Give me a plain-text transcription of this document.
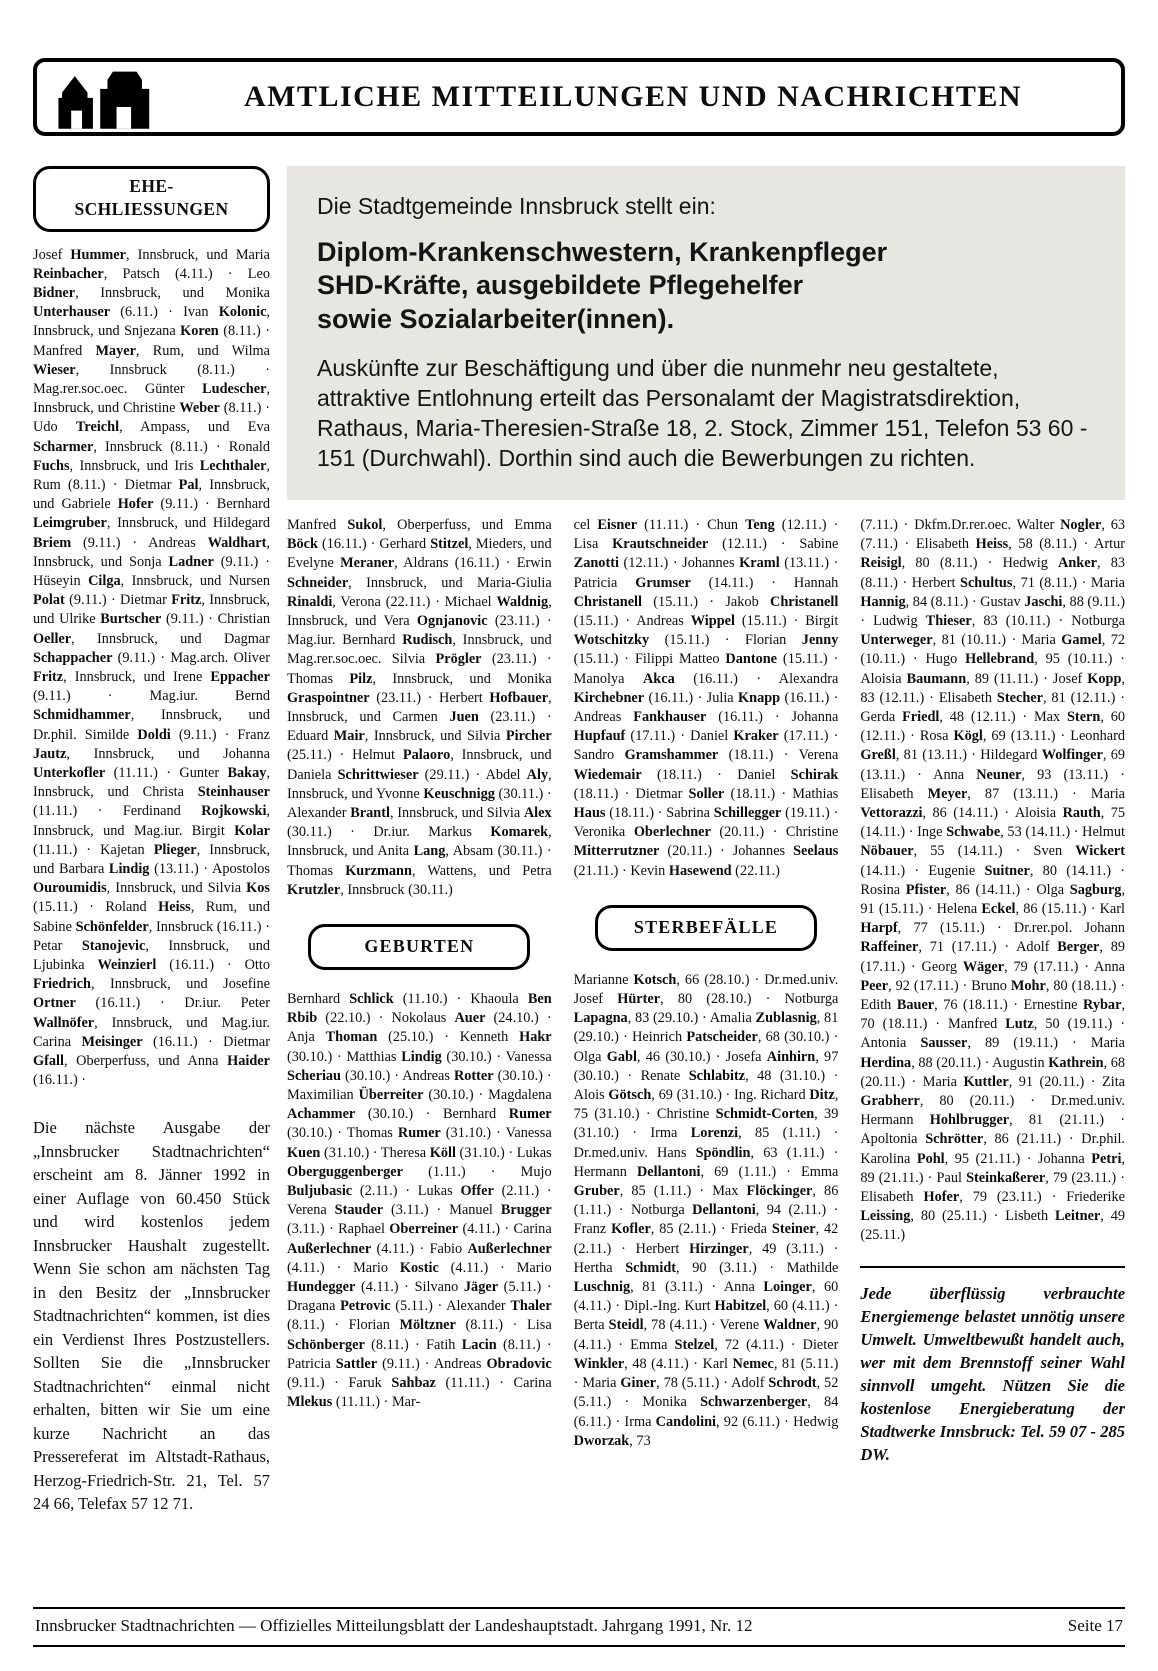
AMTLICHE MITTEILUNGEN UND NACHRICHTEN
EHE-
SCHLIESSUNGEN

Josef Hummer, Innsbruck, und Maria Reinbacher, Patsch (4.11.) · Leo Bidner, Innsbruck, und Monika Unterhauser (6.11.) · Ivan Kolonic, Innsbruck, und Snjezana Koren (8.11.) · Manfred Mayer, Rum, und Wilma Wieser, Innsbruck (8.11.) · Mag.rer.soc.oec. Günter Ludescher, Innsbruck, und Christine Weber (8.11.) · Udo Treichl, Ampass, und Eva Scharmer, Innsbruck (8.11.) · Ronald Fuchs, Innsbruck, und Iris Lechthaler, Rum (8.11.) · Dietmar Pal, Innsbruck, und Gabriele Hofer (9.11.) · Bernhard Leimgruber, Innsbruck, und Hildegard Briem (9.11.) · Andreas Waldhart, Innsbruck, und Sonja Ladner (9.11.) · Hüseyin Cilga, Innsbruck, und Nursen Polat (9.11.) · Dietmar Fritz, Innsbruck, und Ulrike Burtscher (9.11.) · Christian Oeller, Innsbruck, und Dagmar Schappacher (9.11.) · Mag.arch. Oliver Fritz, Innsbruck, und Irene Eppacher (9.11.) · Mag.iur. Bernd Schmidhammer, Innsbruck, und Dr.phil. Similde Doldi (9.11.) · Franz Jautz, Innsbruck, und Johanna Unterkofler (11.11.) · Gunter Bakay, Innsbruck, und Christa Steinhauser (11.11.) · Ferdinand Rojkowski, Innsbruck, und Mag.iur. Birgit Kolar (11.11.) · Kajetan Plieger, Innsbruck, und Barbara Lindig (13.11.) · Apostolos Ouroumidis, Innsbruck, und Silvia Kos (15.11.) · Roland Heiss, Rum, und Sabine Schönfelder, Innsbruck (16.11.) · Petar Stanojevic, Innsbruck, und Ljubinka Weinzierl (16.11.) · Otto Friedrich, Innsbruck, und Josefine Ortner (16.11.) · Dr.iur. Peter Wallnöfer, Innsbruck, und Mag.iur. Carina Meisinger (16.11.) · Dietmar Gfall, Oberperfuss, und Anna Haider (16.11.) ·

Die nächste Ausgabe der „Innsbrucker Stadtnachrichten“ erscheint am 8. Jänner 1992 in einer Auflage von 60.450 Stück und wird kostenlos jedem Innsbrucker Haushalt zugestellt. Wenn Sie schon am nächsten Tag in den Besitz der „Innsbrucker Stadtnachrichten“ kommen, ist dies ein Verdienst Ihres Postzustellers. Sollten Sie die „Innsbrucker Stadtnachrichten“ einmal nicht erhalten, bitten wir Sie um eine kurze Nachricht an das Pressereferat im Altstadt-Rathaus, Herzog-Friedrich-Str. 21, Tel. 57 24 66, Telefax 57 12 71.

Die Stadtgemeinde Innsbruck stellt ein:

Diplom-Krankenschwestern, Krankenpfleger
SHD-Kräfte, ausgebildete Pflegehelfer
sowie Sozialarbeiter(innen).

Auskünfte zur Beschäftigung und über die nunmehr neu gestaltete, attraktive Entlohnung erteilt das Personalamt der Magistratsdirektion, Rathaus, Maria-Theresien-Straße 18, 2. Stock, Zimmer 151, Telefon 53 60 - 151 (Durchwahl). Dorthin sind auch die Bewerbungen zu richten.

Manfred Sukol, Oberperfuss, und Emma Böck (16.11.) · Gerhard Stitzel, Mieders, und Evelyne Meraner, Aldrans (16.11.) · Erwin Schneider, Innsbruck, und Maria-Giulia Rinaldi, Verona (22.11.) · Michael Waldnig, Innsbruck, und Vera Ognjanovic (23.11.) · Mag.iur. Bernhard Rudisch, Innsbruck, und Mag.rer.soc.oec. Silvia Prögler (23.11.) · Thomas Pilz, Innsbruck, und Monika Graspointner (23.11.) · Herbert Hofbauer, Innsbruck, und Carmen Juen (23.11.) · Eduard Mair, Innsbruck, und Silvia Pircher (25.11.) · Helmut Palaoro, Innsbruck, und Daniela Schrittwieser (29.11.) · Abdel Aly, Innsbruck, und Yvonne Keuschnigg (30.11.) · Alexander Brantl, Innsbruck, und Silvia Alex (30.11.) · Dr.iur. Markus Komarek, Innsbruck, und Anita Lang, Absam (30.11.) · Thomas Kurzmann, Wattens, und Petra Krutzler, Innsbruck (30.11.)

GEBURTEN

Bernhard Schlick (11.10.) · Khaoula Ben Rbib (22.10.) · Nokolaus Auer (24.10.) · Anja Thoman (25.10.) · Kenneth Hakr (30.10.) · Matthias Lindig (30.10.) · Vanessa Scheriau (30.10.) · Andreas Rotter (30.10.) · Maximilian Überreiter (30.10.) · Magdalena Achammer (30.10.) · Bernhard Rumer (30.10.) · Thomas Rumer (31.10.) · Vanessa Kuen (31.10.) · Theresa Köll (31.10.) · Lukas Oberguggenberger (1.11.) · Mujo Buljubasic (2.11.) · Lukas Offer (2.11.) · Verena Stauder (3.11.) · Manuel Brugger (3.11.) · Raphael Oberreiner (4.11.) · Carina Außerlechner (4.11.) · Fabio Außerlechner (4.11.) · Mario Kostic (4.11.) · Mario Hundegger (4.11.) · Silvano Jäger (5.11.) · Dragana Petrovic (5.11.) · Alexander Thaler (8.11.) · Florian Möltzner (8.11.) · Lisa Schönberger (8.11.) · Fatih Lacin (8.11.) · Patricia Sattler (9.11.) · Andreas Obradovic (9.11.) · Faruk Sahbaz (11.11.) · Carina Mlekus (11.11.) · Mar-

cel Eisner (11.11.) · Chun Teng (12.11.) · Lisa Krautschneider (12.11.) · Sabine Zanotti (12.11.) · Johannes Kraml (13.11.) · Patricia Grumser (14.11.) · Hannah Christanell (15.11.) · Jakob Christanell (15.11.) · Andreas Wippel (15.11.) · Birgit Wotschitzky (15.11.) · Florian Jenny (15.11.) · Filippi Matteo Dantone (15.11.) · Manolya Akca (16.11.) · Alexandra Kirchebner (16.11.) · Julia Knapp (16.11.) · Andreas Fankhauser (16.11.) · Johanna Hupfauf (17.11.) · Daniel Kraker (17.11.) · Sandro Gramshammer (18.11.) · Verena Wiedemair (18.11.) · Daniel Schirak (18.11.) · Dietmar Soller (18.11.) · Mathias Haus (18.11.) · Sabrina Schillegger (19.11.) · Veronika Oberlechner (20.11.) · Christine Mitterrutzner (20.11.) · Johannes Seelaus (21.11.) · Kevin Hasewend (22.11.)

STERBEFÄLLE

Marianne Kotsch, 66 (28.10.) · Dr.med.univ. Josef Hürter, 80 (28.10.) · Notburga Lapagna, 83 (29.10.) · Amalia Zublasnig, 81 (29.10.) · Heinrich Patscheider, 68 (30.10.) · Olga Gabl, 46 (30.10.) · Josefa Ainhirn, 97 (30.10.) · Renate Schlabitz, 48 (31.10.) · Alois Götsch, 69 (31.10.) · Ing. Richard Ditz, 75 (31.10.) · Christine Schmidt-Corten, 39 (31.10.) · Irma Lorenzi, 85 (1.11.) · Dr.med.univ. Hans Spöndlin, 63 (1.11.) · Hermann Dellantoni, 69 (1.11.) · Emma Gruber, 85 (1.11.) · Max Flöckinger, 86 (1.11.) · Notburga Dellantoni, 94 (2.11.) · Franz Kofler, 85 (2.11.) · Frieda Steiner, 42 (2.11.) · Herbert Hirzinger, 49 (3.11.) · Hertha Schmidt, 90 (3.11.) · Mathilde Luschnig, 81 (3.11.) · Anna Loinger, 60 (4.11.) · Dipl.-Ing. Kurt Habitzel, 60 (4.11.) · Berta Steidl, 78 (4.11.) · Verene Waldner, 90 (4.11.) · Emma Stelzel, 72 (4.11.) · Dieter Winkler, 48 (4.11.) · Karl Nemec, 81 (5.11.) · Maria Giner, 78 (5.11.) · Adolf Schrodt, 52 (5.11.) · Monika Schwarzenberger, 84 (6.11.) · Irma Candolini, 92 (6.11.) · Hedwig Dworzak, 73

(7.11.) · Dkfm.Dr.rer.oec. Walter Nogler, 63 (7.11.) · Elisabeth Heiss, 58 (8.11.) · Artur Reisigl, 80 (8.11.) · Hedwig Anker, 83 (8.11.) · Herbert Schultus, 71 (8.11.) · Maria Hannig, 84 (8.11.) · Gustav Jaschi, 88 (9.11.) · Ludwig Thieser, 83 (10.11.) · Notburga Unterweger, 81 (10.11.) · Maria Gamel, 72 (10.11.) · Hugo Hellebrand, 95 (10.11.) · Aloisia Baumann, 89 (11.11.) · Josef Kopp, 83 (12.11.) · Elisabeth Stecher, 81 (12.11.) · Gerda Friedl, 48 (12.11.) · Max Stern, 60 (12.11.) · Rosa Kögl, 69 (13.11.) · Leonhard Greßl, 81 (13.11.) · Hildegard Wolfinger, 69 (13.11.) · Anna Neuner, 93 (13.11.) · Elisabeth Meyer, 87 (13.11.) · Maria Vettorazzi, 86 (14.11.) · Aloisia Rauth, 75 (14.11.) · Inge Schwabe, 53 (14.11.) · Helmut Nöbauer, 55 (14.11.) · Sven Wickert (14.11.) · Eugenie Suitner, 80 (14.11.) · Rosina Pfister, 86 (14.11.) · Olga Sagburg, 91 (15.11.) · Helena Eckel, 86 (15.11.) · Karl Harpf, 77 (15.11.) · Dr.rer.pol. Johann Raffeiner, 71 (17.11.) · Adolf Berger, 89 (17.11.) · Georg Wäger, 79 (17.11.) · Anna Peer, 92 (17.11.) · Bruno Mohr, 80 (18.11.) · Edith Bauer, 76 (18.11.) · Ernestine Rybar, 70 (18.11.) · Manfred Lutz, 50 (19.11.) · Antonia Sausser, 89 (19.11.) · Maria Herdina, 88 (20.11.) · Augustin Kathrein, 68 (20.11.) · Maria Kuttler, 91 (20.11.) · Zita Grabherr, 80 (20.11.) · Dr.med.univ. Hermann Hohlbrugger, 81 (21.11.) · Apoltonia Schrötter, 86 (21.11.) · Dr.phil. Karolina Pohl, 95 (21.11.) · Johanna Petri, 89 (21.11.) · Paul Steinkaßerer, 79 (23.11.) · Elisabeth Hofer, 79 (23.11.) · Friederike Leissing, 80 (25.11.) · Lisbeth Leitner, 49 (25.11.)

Jede überflüssig verbrauchte Energiemenge belastet unnötig unsere Umwelt. Umweltbewußt handelt auch, wer mit dem Brennstoff seiner Wahl sinnvoll umgeht. Nützen Sie die kostenlose Energieberatung der Stadtwerke Innsbruck: Tel. 59 07 - 285 DW.

Innsbrucker Stadtnachrichten — Offizielles Mitteilungsblatt der Landeshauptstadt. Jahrgang 1991, Nr. 12	Seite 17
